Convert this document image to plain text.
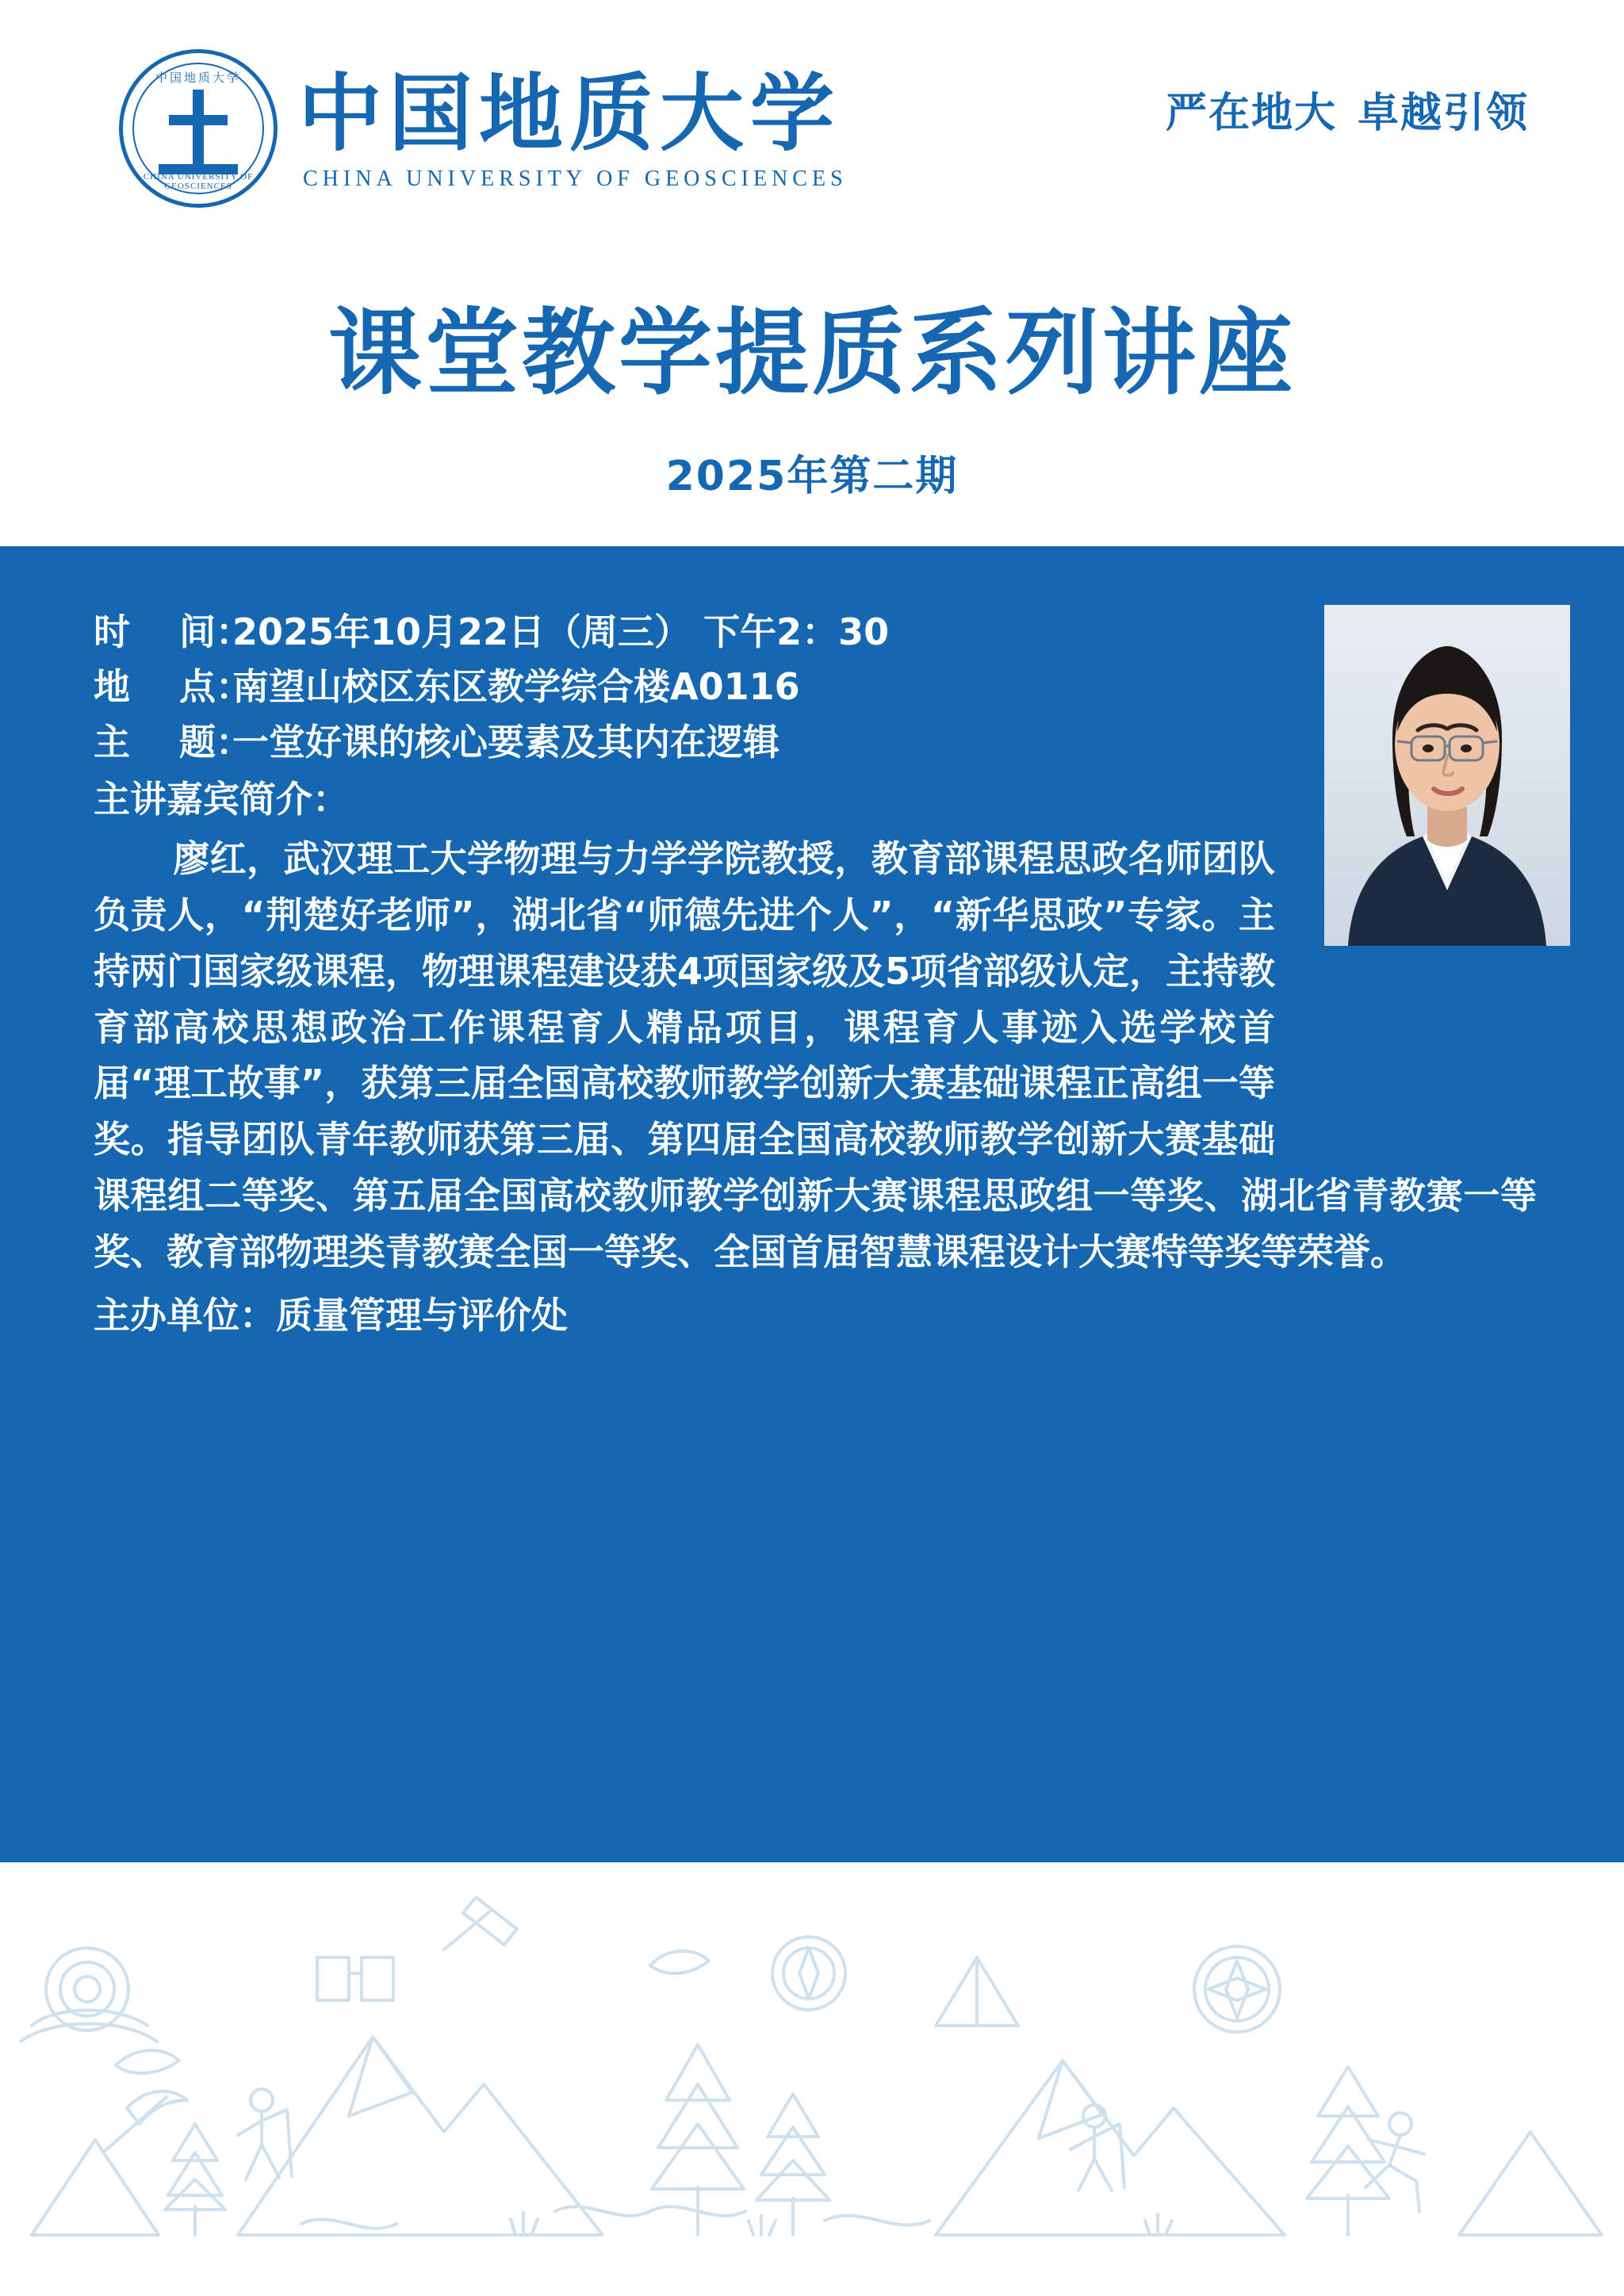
中国地质大学
CHINA UNIVERSITY OF GEOSCIENCES
中国地质大学
CHINA UNIVERSITY OF GEOSCIENCES
严在地大 卓越引领
课堂教学提质系列讲座
2025年第二期
时 间：2025年10月22日（周三） 下午2：30
地 点：南望山校区东区教学综合楼A0116
主 题：一堂好课的核心要素及其内在逻辑
主讲嘉宾简介：
廖红，武汉理工大学物理与力学学院教授，教育部课程思政名师团队负责人，“荆楚好老师”，湖北省“师德先进个人”，“新华思政”专家。主持两门国家级课程，物理课程建设获4项国家级及5项省部级认定，主持教育部高校思想政治工作课程育人精品项目，课程育人事迹入选学校首届“理工故事”，获第三届全国高校教师教学创新大赛基础课程正高组一等奖。指导团队青年教师获第三届、第四届全国高校教师教学创新大赛基础课程组二等奖、第五届全国高校教师教学创新大赛课程思政组一等奖、湖北省青教赛一等奖、教育部物理类青教赛全国一等奖、全国首届智慧课程设计大赛特等奖等荣誉。
主办单位：质量管理与评价处
